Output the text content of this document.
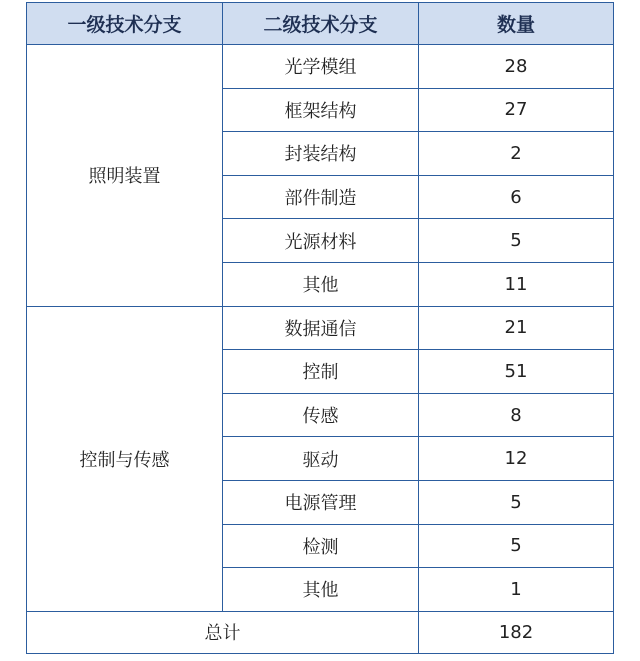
一级技术分支	二级技术分支	数量
照明装置	光学模组	28
	框架结构	27
	封装结构	2
	部件制造	6
	光源材料	5
	其他	11
控制与传感	数据通信	21
	控制	51
	传感	8
	驱动	12
	电源管理	5
	检测	5
	其他	1
总计		182
